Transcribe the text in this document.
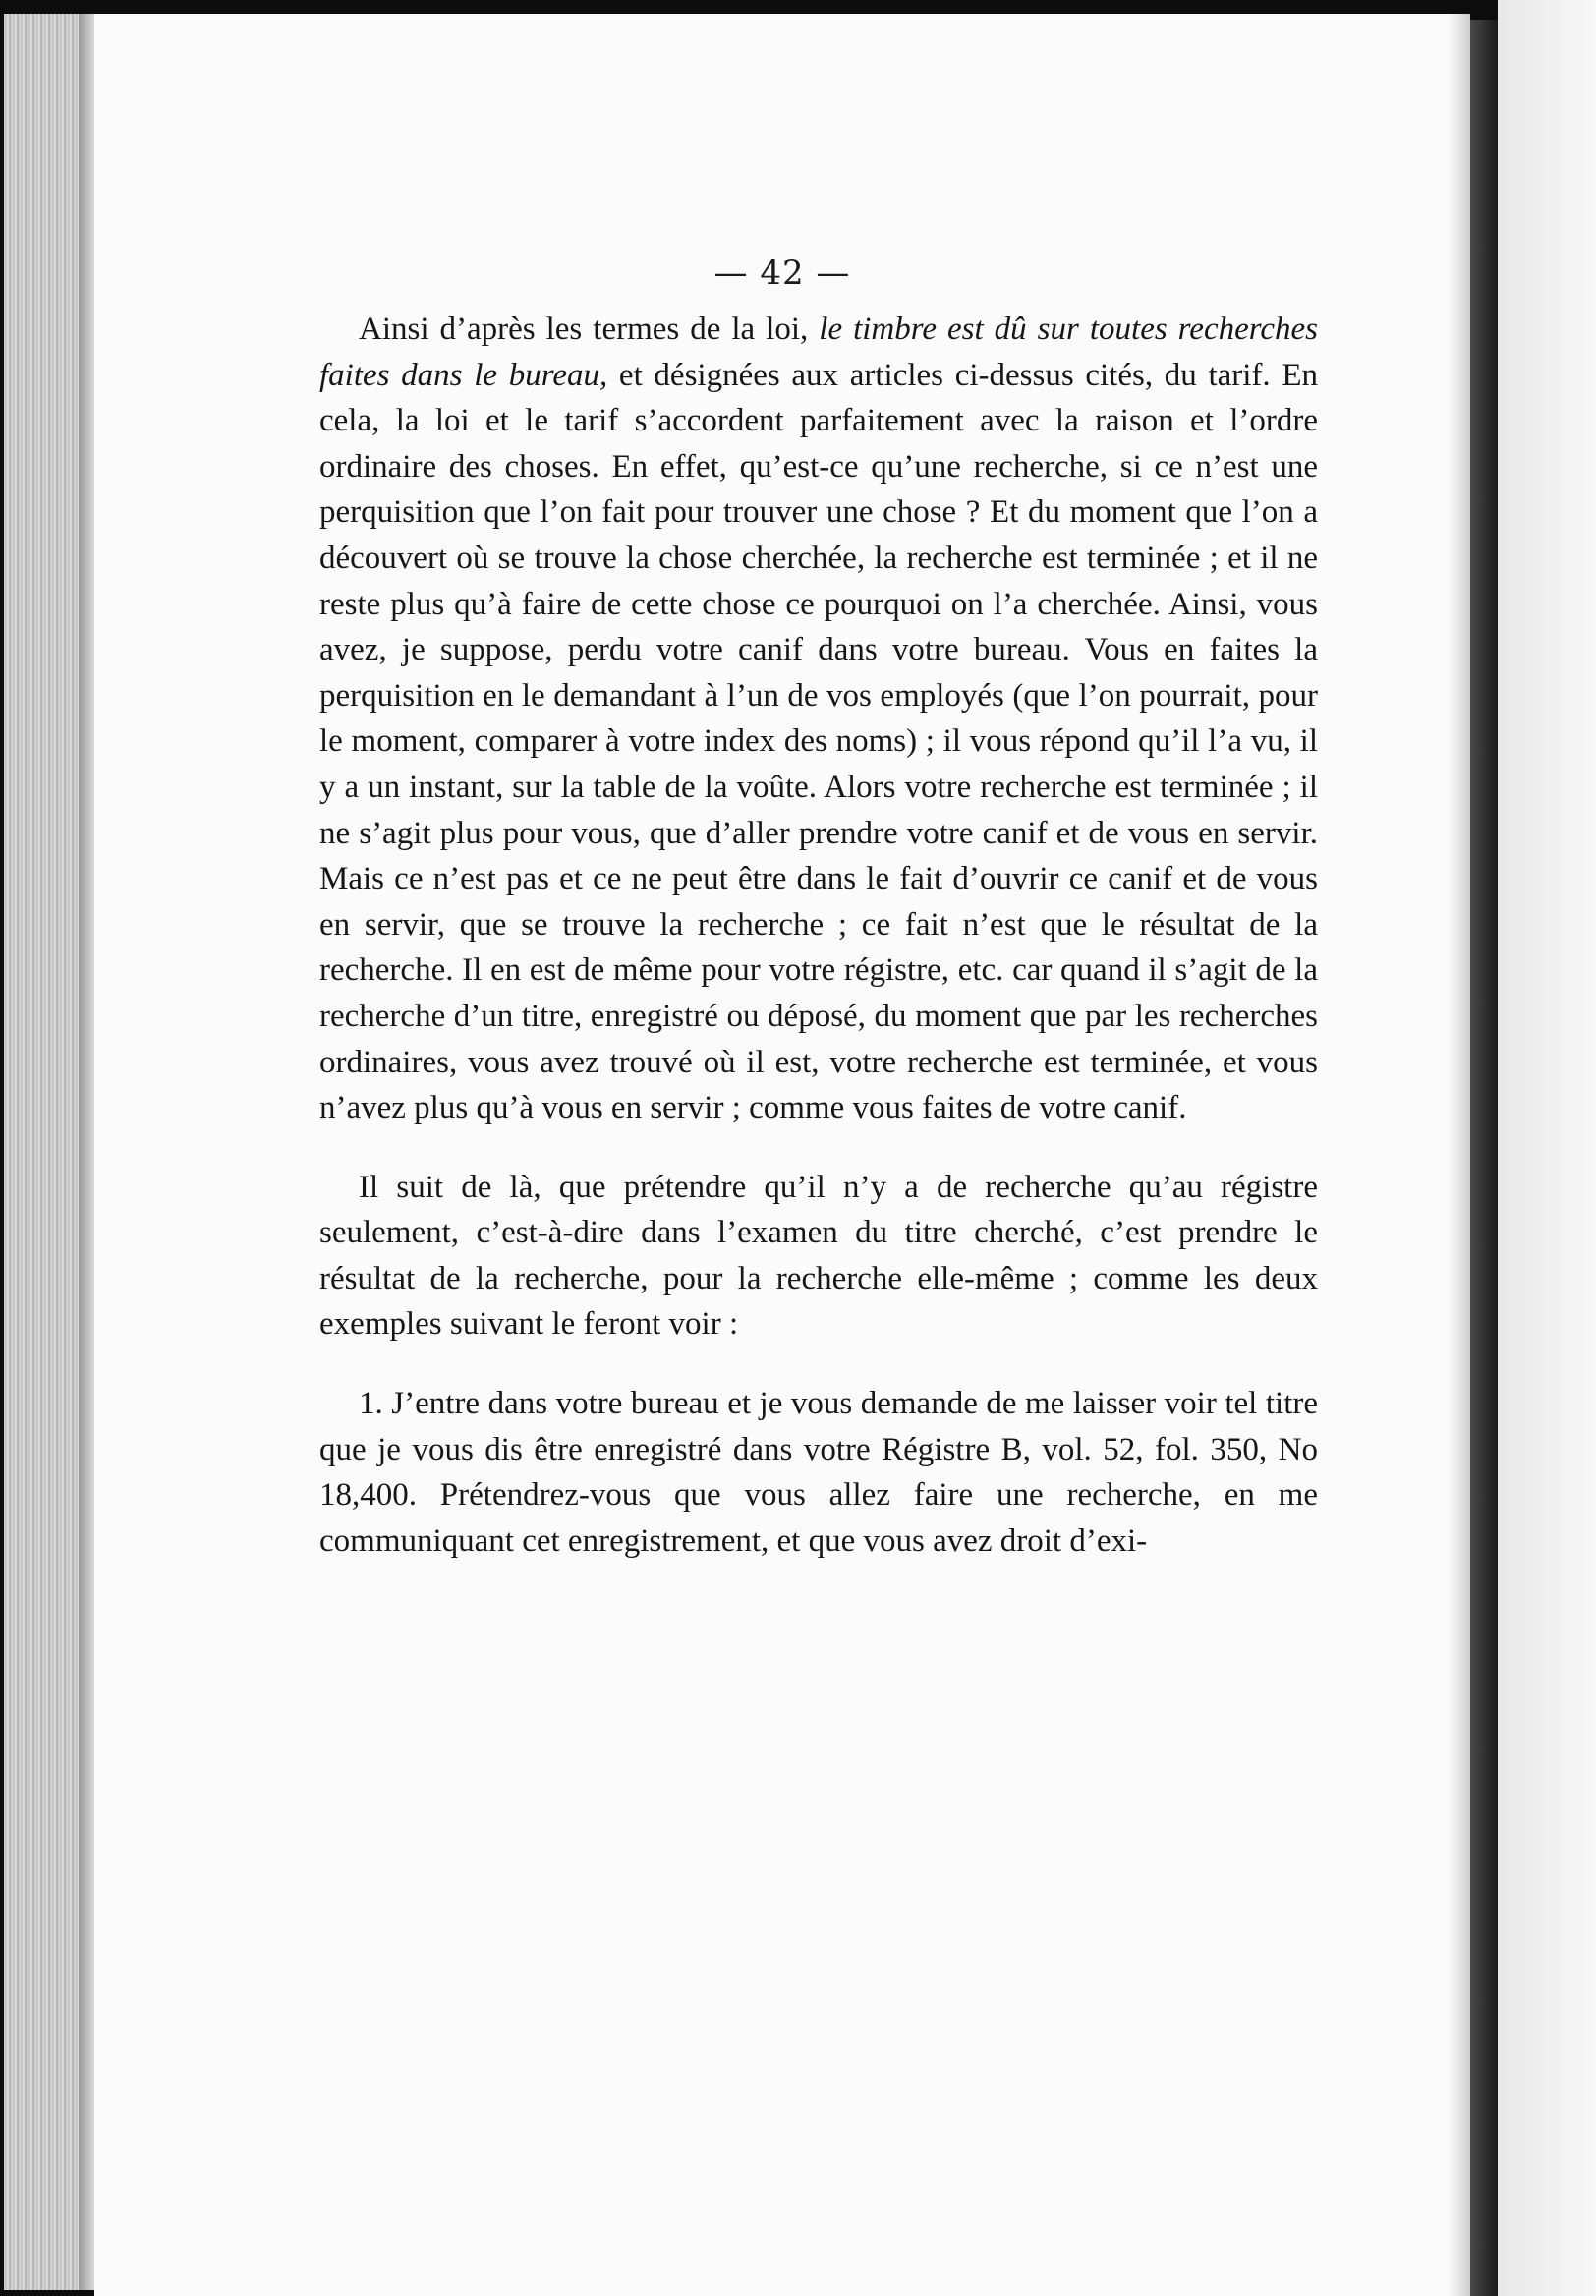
— 42 —

Ainsi d’après les termes de la loi, le timbre est dû sur toutes recherches faites dans le bureau, et désignées aux articles ci-dessus cités, du tarif. En cela, la loi et le tarif s’accordent parfaitement avec la raison et l’ordre ordinaire des choses. En effet, qu’est-ce qu’une recherche, si ce n’est une perquisition que l’on fait pour trouver une chose ? Et du moment que l’on a découvert où se trouve la chose cherchée, la recherche est terminée ; et il ne reste plus qu’à faire de cette chose ce pourquoi on l’a cherchée. Ainsi, vous avez, je suppose, perdu votre canif dans votre bureau. Vous en faites la perquisition en le demandant à l’un de vos employés (que l’on pourrait, pour le moment, comparer à votre index des noms) ; il vous répond qu’il l’a vu, il y a un instant, sur la table de la voûte. Alors votre recherche est terminée ; il ne s’agit plus pour vous, que d’aller prendre votre canif et de vous en servir. Mais ce n’est pas et ce ne peut être dans le fait d’ouvrir ce canif et de vous en servir, que se trouve la recherche ; ce fait n’est que le résultat de la recherche. Il en est de même pour votre régistre, etc. car quand il s’agit de la recherche d’un titre, enregistré ou déposé, du moment que par les recherches ordinaires, vous avez trouvé où il est, votre recherche est terminée, et vous n’avez plus qu’à vous en servir ; comme vous faites de votre canif.

Il suit de là, que prétendre qu’il n’y a de recherche qu’au régistre seulement, c’est-à-dire dans l’examen du titre cherché, c’est prendre le résultat de la recherche, pour la recherche elle-même ; comme les deux exemples suivant le feront voir :

1. J’entre dans votre bureau et je vous demande de me laisser voir tel titre que je vous dis être enregistré dans votre Régistre B, vol. 52, fol. 350, No 18,400. Prétendrez-vous que vous allez faire une recherche, en me communiquant cet enregistrement, et que vous avez droit d’exi-
